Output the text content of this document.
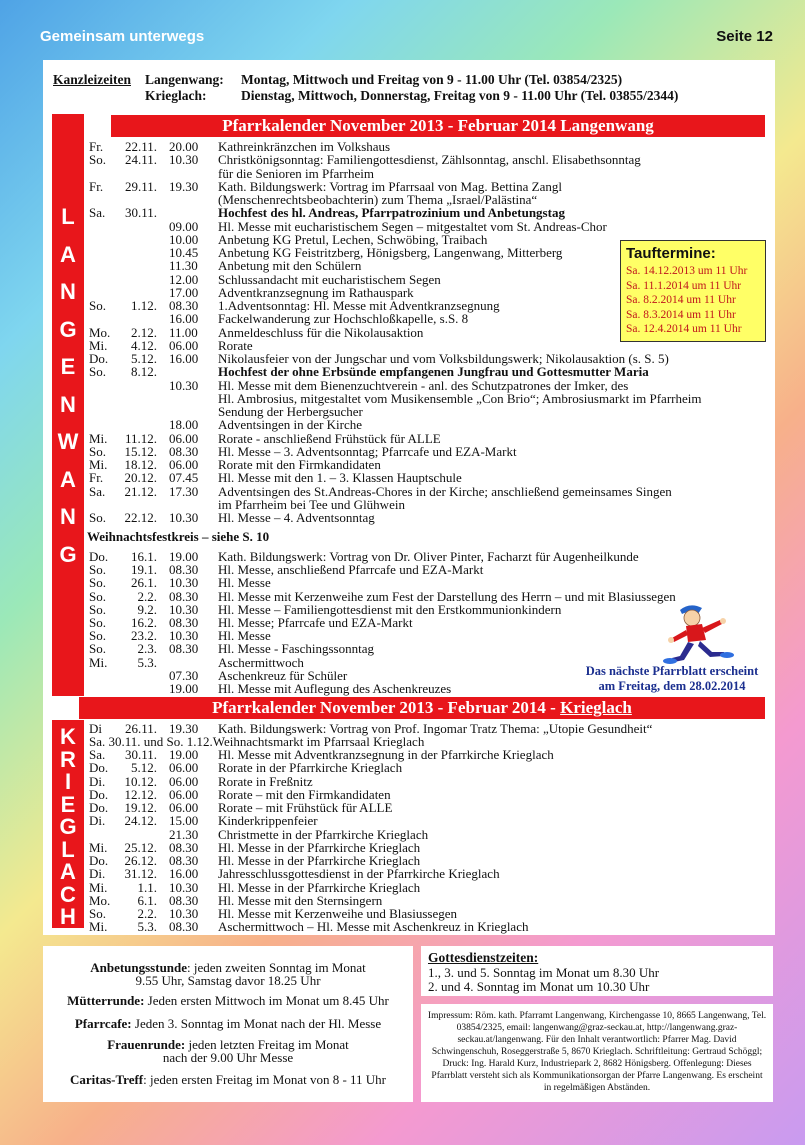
Gemeinsam unterwegs	Seite 12
Kanzleizeiten Langenwang: Montag, Mittwoch und Freitag von 9 - 11.00 Uhr (Tel. 03854/2325)
Krieglach:	Dienstag, Mittwoch, Donnerstag, Freitag von 9 - 11.00 Uhr (Tel. 03855/2344)
L
A
N
G
E
N
W
A
N
G
Pfarrkalender November 2013 - Februar 2014 Langenwang
Fr.	22.11. 20.00 Kathreinkränzchen im Volkshaus
So.	24.11. 10.30 Christkönigsonntag: Familiengottesdienst, Zählsonntag, anschl. Elisabethsonntag
für die Senioren im Pfarrheim
Fr.	29.11. 19.30 Kath. Bildungswerk: Vortrag im Pfarrsaal von Mag. Bettina Zangl
(Menschenrechtsbeobachterin) zum Thema „Israel/Palästina“
Sa.	30.11.	Hochfest des hl. Andreas, Pfarrpatrozinium und Anbetungstag
09.00 Hl. Messe mit eucharistischem Segen – mitgestaltet vom St. Andreas-Chor
10.00 Anbetung KG Pretul, Lechen, Schwöbing, Traibach
10.45 Anbetung KG Feistritzberg, Hönigsberg, Langenwang, Mitterberg
11.30 Anbetung mit den Schülern
12.00 Schlussandacht mit eucharistischem Segen
17.00 Adventkranzsegnung im Rathauspark
So.	1.12. 08.30 1.Adventsonntag: Hl. Messe mit Adventkranzsegnung
16.00 Fackelwanderung zur Hochschloßkapelle, s.S. 8
Mo.	2.12. 11.00 Anmeldeschluss für die Nikolausaktion
Mi.	4.12. 06.00 Rorate
Do.	5.12. 16.00 Nikolausfeier von der Jungschar und vom Volksbildungswerk; Nikolausaktion (s. S. 5)
So.	8.12.	Hochfest der ohne Erbsünde empfangenen Jungfrau und Gottesmutter Maria
10.30 Hl. Messe mit dem Bienenzuchtverein - anl. des Schutzpatrones der Imker, des
Hl. Ambrosius, mitgestaltet vom Musikensemble „Con Brio“; Ambrosiusmarkt im Pfarrheim
Sendung der Herbergsucher
18.00 Adventsingen in der Kirche
Mi.	11.12. 06.00 Rorate - anschließend Frühstück für ALLE
So. 15.12. 08.30 Hl. Messe – 3. Adventsonntag; Pfarrcafe und EZA-Markt
Mi. 18.12. 06.00 Rorate mit den Firmkandidaten
Fr. 20.12. 07.45 Hl. Messe mit den 1. – 3. Klassen Hauptschule
Sa. 21.12. 17.30 Adventsingen des St.Andreas-Chores in der Kirche; anschließend gemeinsames Singen
im Pfarrheim bei Tee und Glühwein
So. 22.12. 10.30 Hl. Messe – 4. Adventsonntag
Weihnachtsfestkreis – siehe S. 10
Do.	16.1. 19.00 Kath. Bildungswerk: Vortrag von Dr. Oliver Pinter, Facharzt für Augenheilkunde
So.	19.1. 08.30 Hl. Messe, anschließend Pfarrcafe und EZA-Markt
So.	26.1. 10.30 Hl. Messe
So.	2.2. 08.30 Hl. Messe mit Kerzenweihe zum Fest der Darstellung des Herrn – und mit Blasiussegen
So.	9.2. 10.30 Hl. Messe – Familiengottesdienst mit den Erstkommunionkindern
So.	16.2. 08.30 Hl. Messe; Pfarrcafe und EZA-Markt
So.	23.2. 10.30 Hl. Messe
So.	2.3. 08.30 Hl. Messe - Faschingssonntag
Mi.	5.3.	Aschermittwoch
07.30 Aschenkreuz für Schüler
19.00 Hl. Messe mit Auflegung des Aschenkreuzes
Tauftermine:
Sa. 14.12.2013 um 11 Uhr
Sa. 11.1.2014 um 11 Uhr
Sa. 8.2.2014 um 11 Uhr
Sa. 8.3.2014 um 11 Uhr
Sa. 12.4.2014 um 11 Uhr
Das nächste Pfarrblatt erscheint
am Freitag, dem 28.02.2014
Pfarrkalender November 2013 - Februar 2014 - Krieglach
K
R
I
E
G
L
A
C
H
Di	26.11. 19.30 Kath. Bildungswerk: Vortrag von Prof. Ingomar Tratz Thema: „Utopie Gesundheit“
Sa. 30.11. und So. 1.12.Weihnachtsmarkt im Pfarrsaal Krieglach
Sa.	30.11. 19.00 Hl. Messe mit Adventkranzsegnung in der Pfarrkirche Krieglach
Do.	5.12. 06.00 Rorate in der Pfarrkirche Krieglach
Di. 10.12. 06.00 Rorate in Freßnitz
Do. 12.12. 06.00 Rorate – mit den Firmkandidaten
Do. 19.12. 06.00 Rorate – mit Frühstück für ALLE
Di. 24.12. 15.00 Kinderkrippenfeier
21.30 Christmette in der Pfarrkirche Krieglach
Mi. 25.12. 08.30 Hl. Messe in der Pfarrkirche Krieglach
Do. 26.12. 08.30 Hl. Messe in der Pfarrkirche Krieglach
Di. 31.12. 16.00 Jahresschlussgottesdienst in der Pfarrkirche Krieglach
Mi.	1.1. 10.30 Hl. Messe in der Pfarrkirche Krieglach
Mo.	6.1. 08.30 Hl. Messe mit den Sternsingern
So.	2.2. 10.30 Hl. Messe mit Kerzenweihe und Blasiussegen
Mi.	5.3. 08.30 Aschermittwoch – Hl. Messe mit Aschenkreuz in Krieglach
Anbetungsstunde: jeden zweiten Sonntag im Monat
9.55 Uhr, Samstag davor 18.25 Uhr
Mütterrunde: Jeden ersten Mittwoch im Monat um 8.45 Uhr
Pfarrcafe: Jeden 3. Sonntag im Monat nach der Hl. Messe
Frauenrunde: jeden letzten Freitag im Monat
nach der 9.00 Uhr Messe
Caritas-Treff: jeden ersten Freitag im Monat von 8 - 11 Uhr
Gottesdienstzeiten:
1., 3. und 5. Sonntag im Monat um 8.30 Uhr
2. und 4. Sonntag im Monat um 10.30 Uhr
Impressum: Röm. kath. Pfarramt Langenwang, Kirchengasse 10, 8665 Langenwang, Tel. 03854/2325, email: langenwang@graz-seckau.at, http://langenwang.graz-seckau.at/langenwang. Für den Inhalt verantwortlich: Pfarrer Mag. David Schwingenschuh, Roseggerstraße 5, 8670 Krieglach. Schriftleitung: Gertraud Schöggl; Druck: Ing. Harald Kurz, Industriepark 2, 8682 Hönigsberg. Offenlegung: Dieses Pfarrblatt versteht sich als Kommunikationsorgan der Pfarre Langenwang. Es erscheint in regelmäßigen Abständen.
